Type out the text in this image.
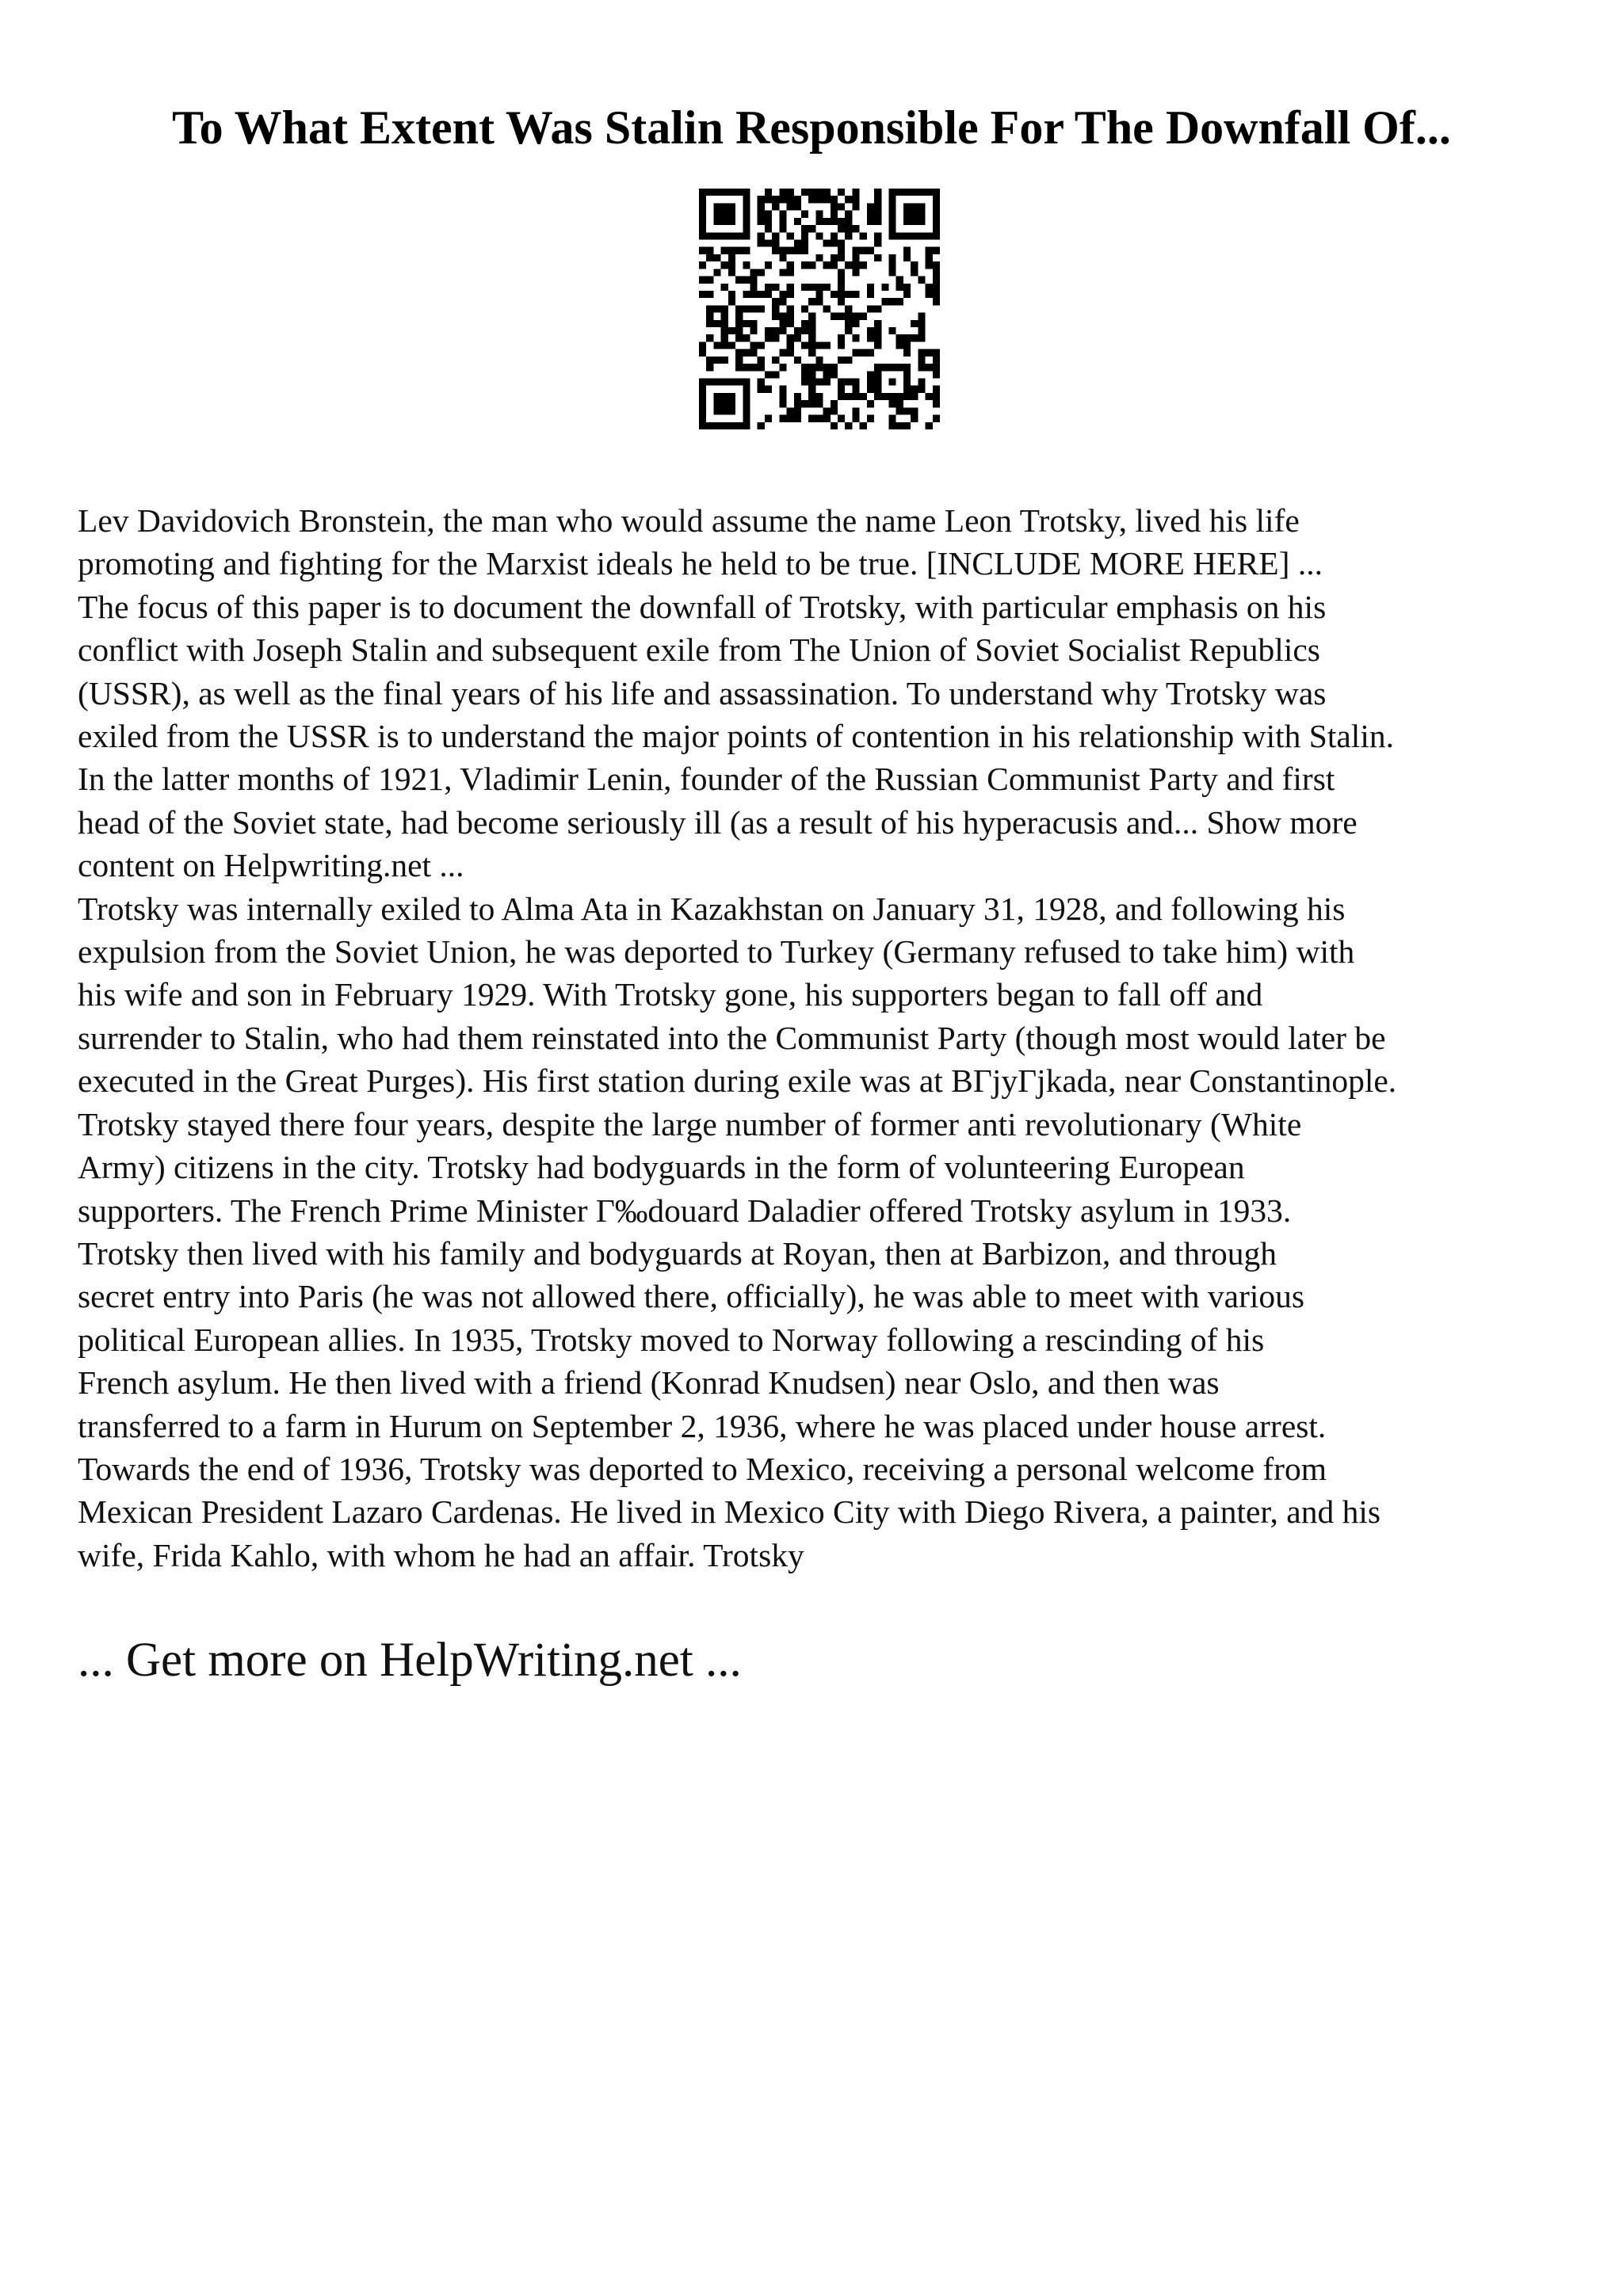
To What Extent Was Stalin Responsible For The Downfall Of...

Lev Davidovich Bronstein, the man who would assume the name Leon Trotsky, lived his life
promoting and fighting for the Marxist ideals he held to be true. [INCLUDE MORE HERE] ...
The focus of this paper is to document the downfall of Trotsky, with particular emphasis on his
conflict with Joseph Stalin and subsequent exile from The Union of Soviet Socialist Republics
(USSR), as well as the final years of his life and assassination. To understand why Trotsky was
exiled from the USSR is to understand the major points of contention in his relationship with Stalin.
In the latter months of 1921, Vladimir Lenin, founder of the Russian Communist Party and first
head of the Soviet state, had become seriously ill (as a result of his hyperacusis and... Show more
content on Helpwriting.net ...

Trotsky was internally exiled to Alma Ata in Kazakhstan on January 31, 1928, and following his
expulsion from the Soviet Union, he was deported to Turkey (Germany refused to take him) with
his wife and son in February 1929. With Trotsky gone, his supporters began to fall off and
surrender to Stalin, who had them reinstated into the Communist Party (though most would later be
executed in the Great Purges). His first station during exile was at BΓjyΓjkada, near Constantinople.
Trotsky stayed there four years, despite the large number of former anti revolutionary (White
Army) citizens in the city. Trotsky had bodyguards in the form of volunteering European
supporters. The French Prime Minister Γ‰douard Daladier offered Trotsky asylum in 1933.
Trotsky then lived with his family and bodyguards at Royan, then at Barbizon, and through
secret entry into Paris (he was not allowed there, officially), he was able to meet with various
political European allies. In 1935, Trotsky moved to Norway following a rescinding of his
French asylum. He then lived with a friend (Konrad Knudsen) near Oslo, and then was
transferred to a farm in Hurum on September 2, 1936, where he was placed under house arrest.
Towards the end of 1936, Trotsky was deported to Mexico, receiving a personal welcome from
Mexican President Lazaro Cardenas. He lived in Mexico City with Diego Rivera, a painter, and his
wife, Frida Kahlo, with whom he had an affair. Trotsky

... Get more on HelpWriting.net ...
